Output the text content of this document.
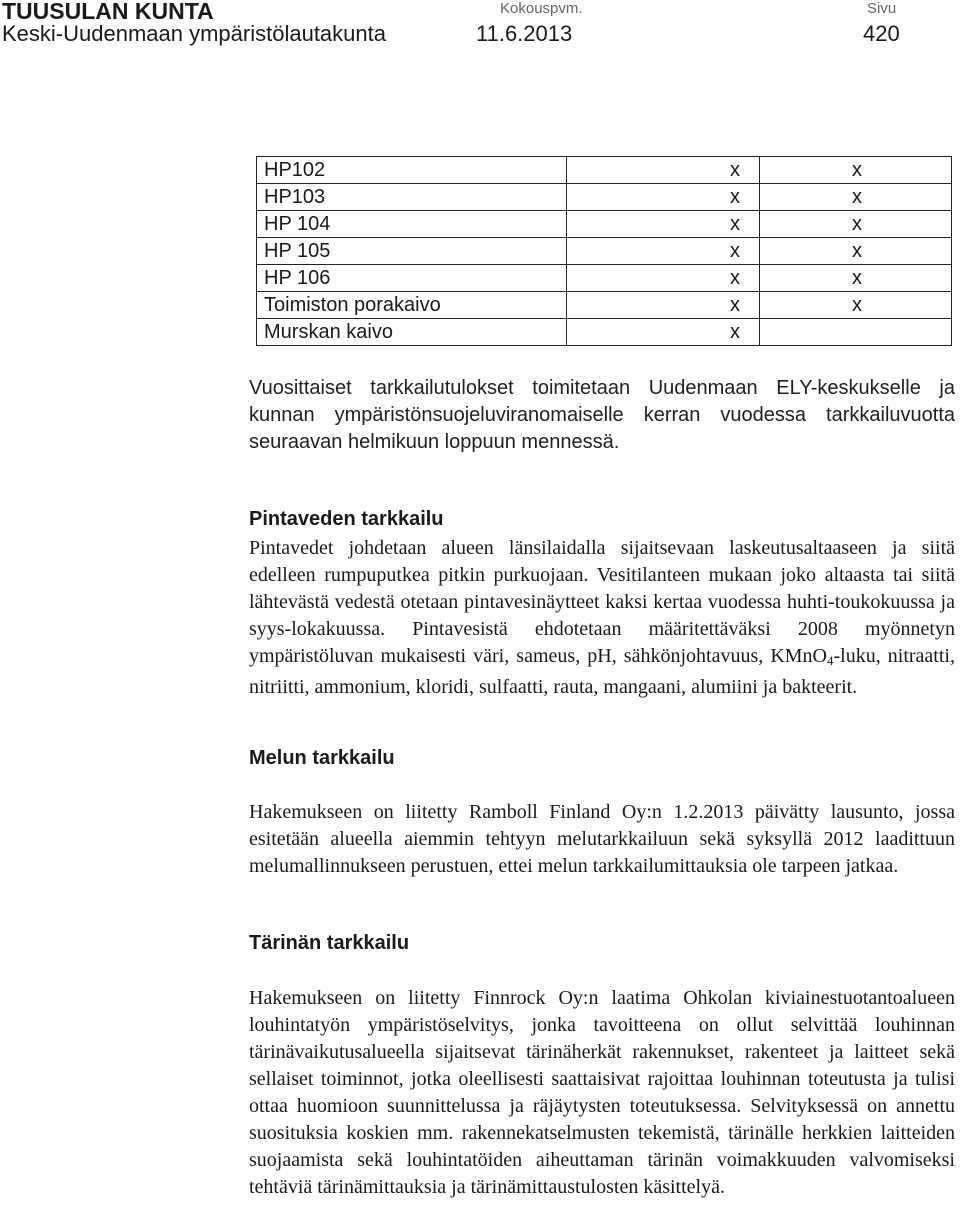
TUUSULAN KUNTA
Keski-Uudenmaan ympäristölautakunta
Kokouspvm.
11.6.2013
Sivu
420
HP102	x	x
HP103	x	x
HP 104	x	x
HP 105	x	x
HP 106	x	x
Toimiston porakaivo	x	x
Murskan kaivo	x	

Vuosittaiset tarkkailutulokset toimitetaan Uudenmaan ELY-keskukselle ja kunnan ympäristönsuojeluviranomaiselle kerran vuodessa tarkkailuvuotta seuraavan helmikuun loppuun mennessä.

Pintaveden tarkkailu

Pintavedet johdetaan alueen länsilaidalla sijaitsevaan laskeutusaltaaseen ja siitä edelleen rumpuputkea pitkin purkuojaan. Vesitilanteen mukaan joko altaasta tai siitä lähtevästä vedestä otetaan pintavesinäytteet kaksi kertaa vuodessa huhti-toukokuussa ja syys-lokakuussa. Pintavesistä ehdotetaan määritettäväksi 2008 myönnetyn ympäristöluvan mukaisesti väri, sameus, pH, sähkönjohtavuus, KMnO$_4$-luku, nitraatti, nitriitti, ammonium, kloridi, sulfaatti, rauta, mangaani, alumiini ja bakteerit.

Melun tarkkailu

Hakemukseen on liitetty Ramboll Finland Oy:n 1.2.2013 päivätty lausunto, jossa esitetään alueella aiemmin tehtyyn melutarkkailuun sekä syksyllä 2012 laadittuun melumallinnukseen perustuen, ettei melun tarkkailumittauksia ole tarpeen jatkaa.

Tärinän tarkkailu

Hakemukseen on liitetty Finnrock Oy:n laatima Ohkolan kiviainestuotantoalueen louhintatyön ympäristöselvitys, jonka tavoitteena on ollut selvittää louhinnan tärinävaikutusalueella sijaitsevat tärinäherkät rakennukset, rakenteet ja laitteet sekä sellaiset toiminnot, jotka oleellisesti saattaisivat rajoittaa louhinnan toteutusta ja tulisi ottaa huomioon suunnittelussa ja räjäytysten toteutuksessa. Selvityksessä on annettu suosituksia koskien mm. rakennekatselmusten tekemistä, tärinälle herkkien laitteiden suojaamista sekä louhintatöiden aiheuttaman tärinän voimakkuuden valvomiseksi tehtäviä tärinämittauksia ja tärinämittaustulosten käsittelyä.
